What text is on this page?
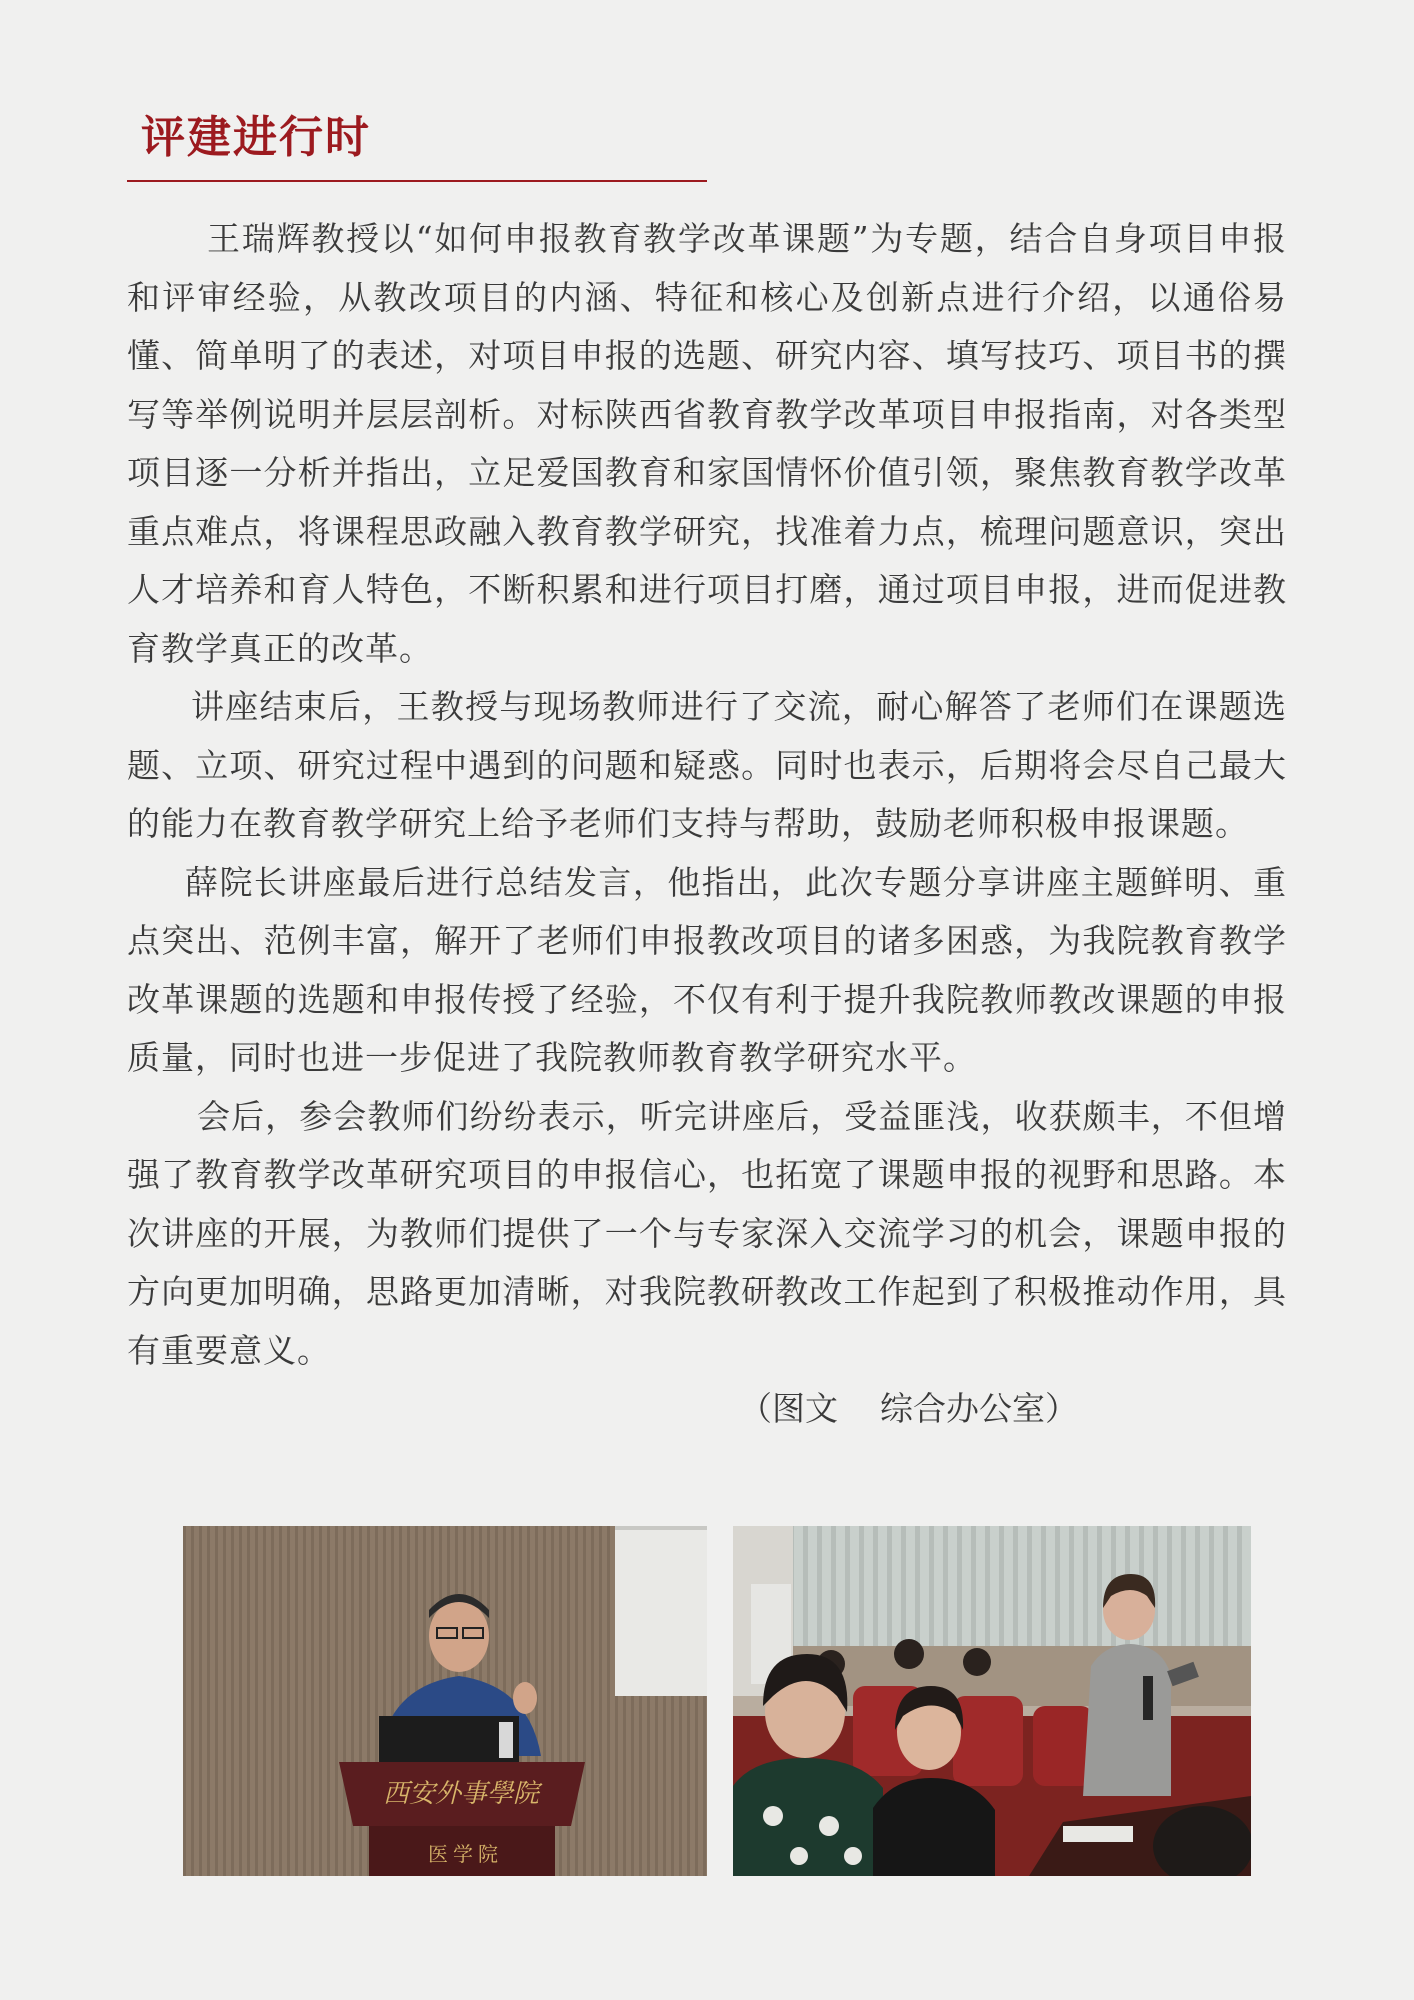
评建进行时

王瑞辉教授以“如何申报教育教学改革课题”为专题，结合自身项目申报和评审经验，从教改项目的内涵、特征和核心及创新点进行介绍，以通俗易懂、简单明了的表述，对项目申报的选题、研究内容、填写技巧、项目书的撰写等举例说明并层层剖析。对标陕西省教育教学改革项目申报指南，对各类型项目逐一分析并指出，立足爱国教育和家国情怀价值引领，聚焦教育教学改革重点难点，将课程思政融入教育教学研究，找准着力点，梳理问题意识，突出人才培养和育人特色，不断积累和进行项目打磨，通过项目申报，进而促进教育教学真正的改革。

讲座结束后，王教授与现场教师进行了交流，耐心解答了老师们在课题选题、立项、研究过程中遇到的问题和疑惑。同时也表示，后期将会尽自己最大的能力在教育教学研究上给予老师们支持与帮助，鼓励老师积极申报课题。

薛院长讲座最后进行总结发言，他指出，此次专题分享讲座主题鲜明、重点突出、范例丰富，解开了老师们申报教改项目的诸多困惑，为我院教育教学改革课题的选题和申报传授了经验，不仅有利于提升我院教师教改课题的申报质量，同时也进一步促进了我院教师教育教学研究水平。

会后，参会教师们纷纷表示，听完讲座后，受益匪浅，收获颇丰，不但增强了教育教学改革研究项目的申报信心，也拓宽了课题申报的视野和思路。本次讲座的开展，为教师们提供了一个与专家深入交流学习的机会，课题申报的方向更加明确，思路更加清晰，对我院教研教改工作起到了积极推动作用，具有重要意义。

（图文    综合办公室）

西安外事學院
医 学 院
